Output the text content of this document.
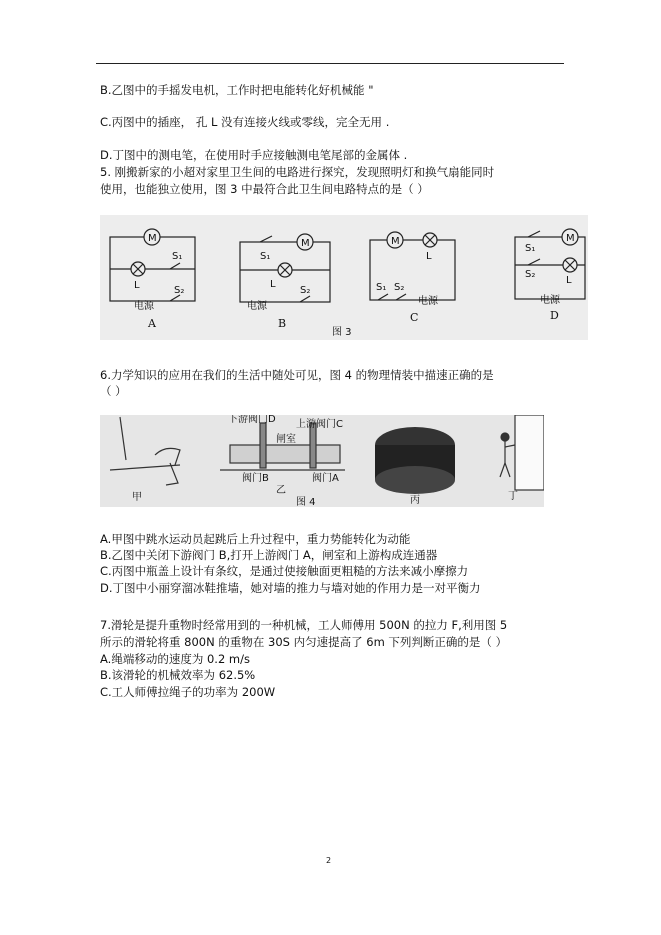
B.乙图中的手摇发电机，工作时把电能转化好机械能 "
C.丙图中的插座， 孔 L 没有连接火线或零线，完全无用 .
D.丁图中的测电笔，在使用时手应接触测电笔尾部的金属体 .
5. 刚搬新家的小超对家里卫生间的电路进行探究，发现照明灯和换气扇能同时
使用，也能独立使用，图 3 中最符合此卫生间电路特点的是（ ）
M
L
S₁
S₂
电源
A
M
S₁
L
S₂
电源
B
M
L
S₁ S₂
电源
C
M
S₁
S₂
L
电源
D
图 3
6.力学知识的应用在我们的生活中随处可见，图 4 的物理情装中描速正确的是
（ ）
甲
下游阀门D 上游阀门C
闸室
阀门B	阀门A
乙
图 4	丙	丁
A.甲图中跳水运动员起跳后上升过程中，重力势能转化为动能
B.乙图中关闭下游阀门 B,打开上游阀门 A，闸室和上游构成连通器
C.丙图中瓶盖上设计有条纹，是通过使接触面更粗糙的方法来减小摩擦力
D.丁图中小丽穿溜冰鞋推墙，她对墙的推力与墙对她的作用力是一对平衡力
7.滑轮是提升重物时经常用到的一种机械，工人师傅用 500N 的拉力 F,利用图 5
所示的滑轮将重 800N 的重物在 30S 内匀速提高了 6m 下列判断正确的是（ ）
A.绳端移动的速度为 0.2 m/s
B.该滑轮的机械效率为 62.5%
C.工人师傅拉绳子的功率为 200W
2
